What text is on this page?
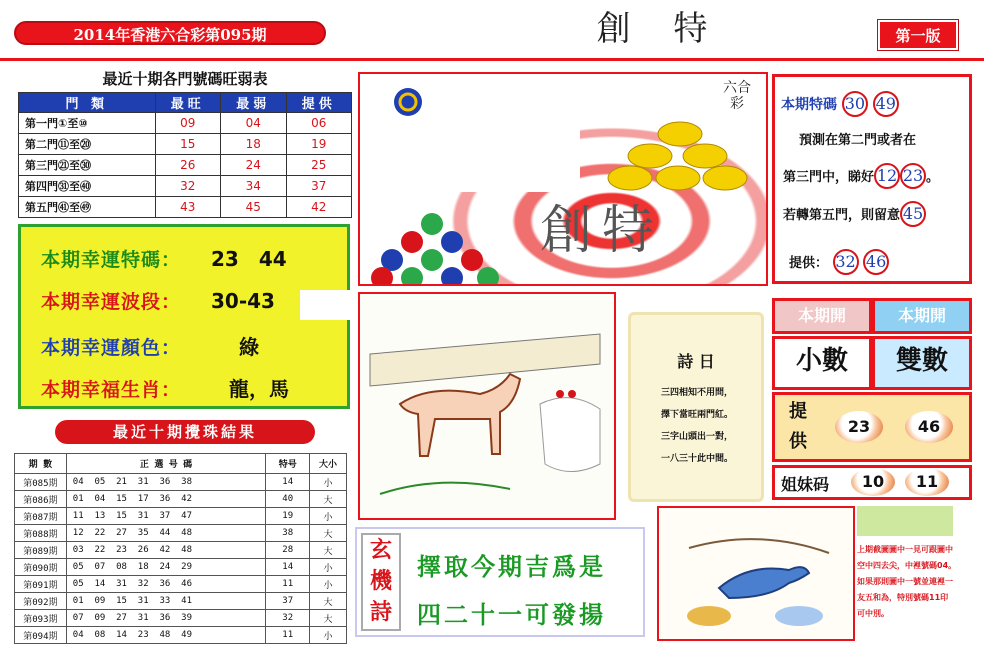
2014年香港六合彩第095期	創 特	第一版
最近十期各門號碼旺弱表
門 類	最旺	最弱	提供
第一門①至⑩	09	04	06
第二門⑪至⑳	15	18	19
第三門㉑至㉚	26	24	25
第四門㉛至㊵	32	34	37
第五門㊶至㊾	43	45	42
本期幸運特碼： 23　44
本期幸運波段： 30-43
本期幸運顏色：	綠
本期幸福生肖： 龍，馬
最近十期攪珠結果
期 數	正 選 号 碼	特号	大小
第085期	04  05  21  31  36  38	14	小
第086期	01  04  15  17  36  42	40	大
第087期	11  13  15  31  37  47	19	小
第088期	12  22  27  35  44  48	38	大
第089期	03  22  23  26  42  48	28	大
第090期	05  07  08  18  24  29	14	小
第091期	05  14  31  32  36  46	11	小
第092期	01  09  15  31  33  41	37	大
第093期	07  09  27  31  36  39	32	大
第094期	04  08  14  23  48  49	11	小
六合彩
創特
本期特碼 30 49
預測在第二門或者在
第三門中，睇好 12 23 。
若轉第五門，則留意 45
提供： 32 46
詩 日
三四相知不用問，
擇下當旺兩門紅。
三字山頭出一對，
一八三十此中間。
本期開	本期開
小數	雙數
提供
23	46
姐妹码	10	11
玄機詩
擇取今期吉爲是
四二十一可發揚
上期截圖圖中一見可跟圖中
空中四去尖，中裡號碼04。
如果那則圖中一號並連裡一
友五和為，特別號碼11印
可中別。
